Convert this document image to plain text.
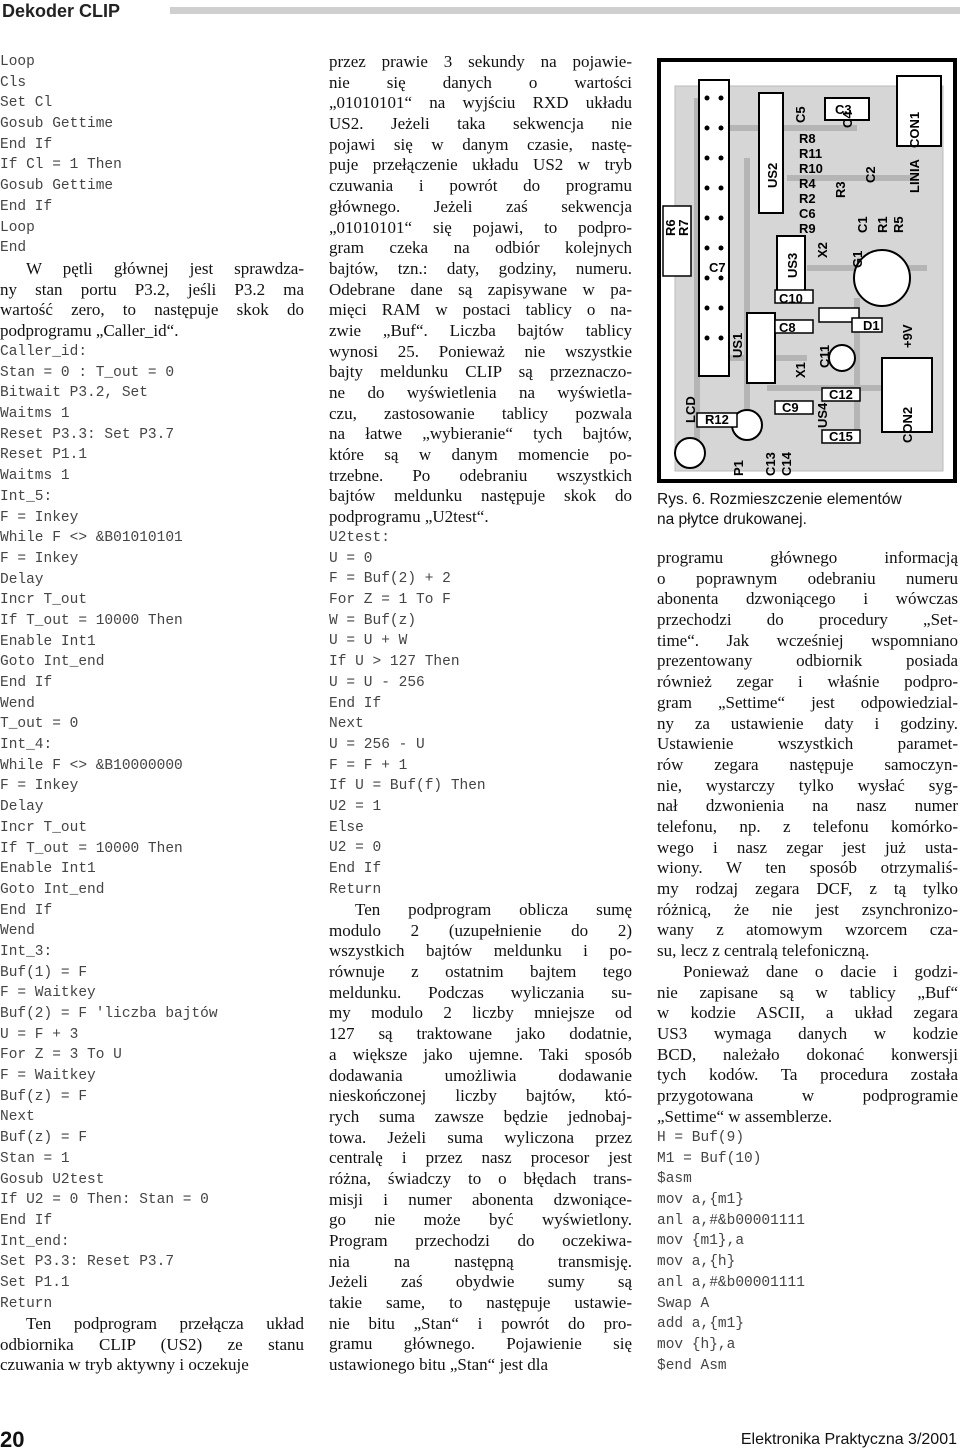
Dekoder CLIP
Loop
Cls
Set Cl
Gosub Gettime
End If
If Cl = 1 Then
Gosub Gettime
End If
Loop
End
W pętli głównej jest sprawdza-
ny stan portu P3.2, jeśli P3.2 ma
wartość zero, to następuje skok do
podprogramu „Caller_id“.
Caller_id:
Stan = 0 : T_out = 0
Bitwait P3.2, Set
Waitms 1
Reset P3.3: Set P3.7
Reset P1.1
Waitms 1
Int_5:
F = Inkey
While F <> &B01010101
F = Inkey
Delay
Incr T_out
If T_out = 10000 Then
Enable Int1
Goto Int_end
End If
Wend
T_out = 0
Int_4:
While F <> &B10000000
F = Inkey
Delay
Incr T_out
If T_out = 10000 Then
Enable Int1
Goto Int_end
End If
Wend
Int_3:
Buf(1) = F
F = Waitkey
Buf(2) = F 'liczba bajtów
U = F + 3
For Z = 3 To U
F = Waitkey
Buf(z) = F
Next
Buf(z) = F
Stan = 1
Gosub U2test
If U2 = 0 Then: Stan = 0
End If
Int_end:
Set P3.3: Reset P3.7
Set P1.1
Return
Ten podprogram przełącza układ
odbiornika CLIP (US2) ze stanu
czuwania w tryb aktywny i oczekuje
przez prawie 3 sekundy na pojawie-
nie się danych o wartości
„01010101“ na wyjściu RXD układu
US2. Jeżeli taka sekwencja nie
pojawi się w danym czasie, nastę-
puje przełączenie układu US2 w tryb
czuwania i powrót do programu
głównego. Jeżeli zaś sekwencja
„01010101“ się pojawi, to podpro-
gram czeka na odbiór kolejnych
bajtów, tzn.: daty, godziny, numeru.
Odebrane dane są zapisywane w pa-
mięci RAM w postaci tablicy o na-
zwie „Buf“. Liczba bajtów tablicy
wynosi 25. Ponieważ nie wszystkie
bajty meldunku CLIP są przeznaczo-
ne do wyświetlenia na wyświetla-
czu, zastosowanie tablicy pozwala
na łatwe „wybieranie“ tych bajtów,
które są w danym momencie po-
trzebne. Po odebraniu wszystkich
bajtów meldunku następuje skok do
podprogramu „U2test“.
U2test:
U = 0
F = Buf(2) + 2
For Z = 1 To F
W = Buf(z)
U = U + W
If U > 127 Then
U = U - 256
End If
Next
U = 256 - U
F = F + 1
If U = Buf(f) Then
U2 = 1
Else
U2 = 0
End If
Return
Ten podprogram oblicza sumę
modulo 2 (uzupełnienie do 2)
wszystkich bajtów meldunku i po-
równuje z ostatnim bajtem tego
meldunku. Podczas wyliczania su-
my modulo 2 liczby mniejsze od
127 są traktowane jako dodatnie,
a większe jako ujemne. Taki sposób
dodawania umożliwia dodawanie
nieskończonej liczby bajtów, któ-
rych suma zawsze będzie jednobaj-
towa. Jeżeli suma wyliczona przez
centralę i przez nasz procesor jest
różna, świadczy to o błędach trans-
misji i numer abonenta dzwoniące-
go nie może być wyświetlony.
Program przechodzi do oczekiwa-
nia na następną transmisję.
Jeżeli zaś obydwie sumy są
takie same, to następuje ustawie-
nie bitu „Stan“ i powrót do pro-
gramu głównego. Pojawienie się
ustawionego bitu „Stan“ jest dla
US2
US1
US3
US4
LCD
C3
C4
C5	CON1
R8
R11
R10
R4
R2
C6
R9
R3
C2 LINIA
R6
R7
C7
X2
C1 R1 R5
G1
C10
D1
C8
X1
C11
+9V
C12
C9
R12
C15	CON2
P1 C13 C14
Rys. 6. Rozmieszczenie elementów
na płytce drukowanej.
programu głównego informacją
o poprawnym odebraniu numeru
abonenta dzwoniącego i wówczas
przechodzi do procedury „Set-
time“. Jak wcześniej wspomniano
prezentowany odbiornik posiada
również zegar i właśnie podpro-
gram „Settime“ jest odpowiedzial-
ny za ustawienie daty i godziny.
Ustawienie wszystkich paramet-
rów zegara następuje samoczyn-
nie, wystarczy tylko wysłać syg-
nał dzwonienia na nasz numer
telefonu, np. z telefonu komórko-
wego i nasz zegar jest już usta-
wiony. W ten sposób otrzymaliś-
my rodzaj zegara DCF, z tą tylko
różnicą, że nie jest zsynchronizo-
wany z atomowym wzorcem cza-
su, lecz z centralą telefoniczną.
Ponieważ dane o dacie i godzi-
nie zapisane są w tablicy „Buf“
w kodzie ASCII, a układ zegara
US3 wymaga danych w kodzie
BCD, należało dokonać konwersji
tych kodów. Ta procedura została
przygotowana w podprogramie
„Settime“ w assemblerze.
H = Buf(9)
M1 = Buf(10)
$asm
mov a,{m1}
anl a,#&b00001111
mov {m1},a
mov a,{h}
anl a,#&b00001111
Swap A
add a,{m1}
mov {h},a
$end Asm
20	Elektronika Praktyczna 3/2001
